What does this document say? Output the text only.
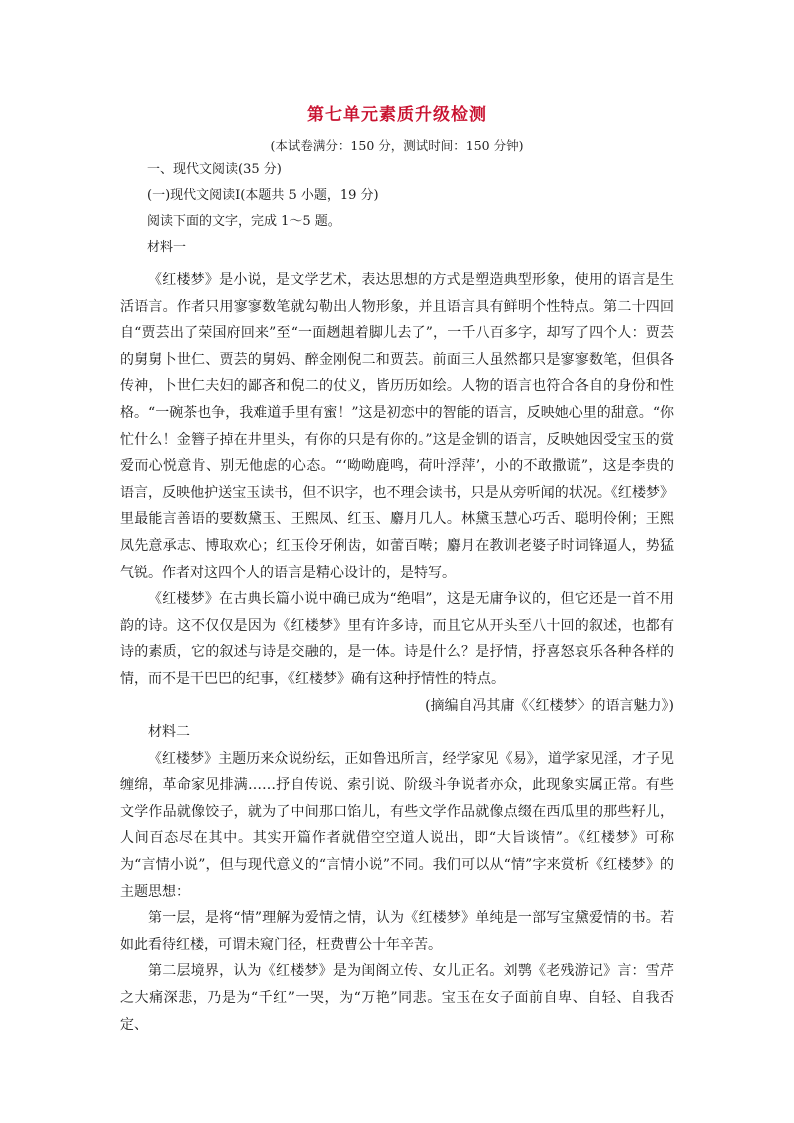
第七单元素质升级检测
(本试卷满分：150 分，测试时间：150 分钟)
一、现代文阅读(35 分)
(一)现代文阅读Ⅰ(本题共 5 小题，19 分)
阅读下面的文字，完成 1～5 题。
材料一

《红楼梦》是小说，是文学艺术，表达思想的方式是塑造典型形象，使用的语言是生活语言。作者只用寥寥数笔就勾勒出人物形象，并且语言具有鲜明个性特点。第二十四回自“贾芸出了荣国府回来”至“一面趔趄着脚儿去了”，一千八百多字，却写了四个人：贾芸的舅舅卜世仁、贾芸的舅妈、醉金刚倪二和贾芸。前面三人虽然都只是寥寥数笔，但俱各传神，卜世仁夫妇的鄙吝和倪二的仗义，皆历历如绘。人物的语言也符合各自的身份和性格。“一碗茶也争，我难道手里有蜜！”这是初恋中的智能的语言，反映她心里的甜意。“你忙什么！金簪子掉在井里头，有你的只是有你的。”这是金钏的语言，反映她因受宝玉的赏爱而心悦意肯、别无他虑的心态。“‘呦呦鹿鸣，荷叶浮萍’，小的不敢撒谎”，这是李贵的语言，反映他护送宝玉读书，但不识字，也不理会读书，只是从旁听闻的状况。《红楼梦》里最能言善语的要数黛玉、王熙凤、红玉、麝月几人。林黛玉慧心巧舌、聪明伶俐；王熙凤先意承志、博取欢心；红玉伶牙俐齿，如蕾百啭；麝月在教训老婆子时词锋逼人，势猛气锐。作者对这四个人的语言是精心设计的，是特写。

《红楼梦》在古典长篇小说中确已成为“绝唱”，这是无庸争议的，但它还是一首不用韵的诗。这不仅仅是因为《红楼梦》里有许多诗，而且它从开头至八十回的叙述，也都有诗的素质，它的叙述与诗是交融的，是一体。诗是什么？是抒情，抒喜怒哀乐各种各样的情，而不是干巴巴的纪事，《红楼梦》确有这种抒情性的特点。

(摘编自冯其庸《〈红楼梦〉的语言魅力》)

材料二

《红楼梦》主题历来众说纷纭，正如鲁迅所言，经学家见《易》，道学家见淫，才子见缠绵，革命家见排满……抒自传说、索引说、阶级斗争说者亦众，此现象实属正常。有些文学作品就像饺子，就为了中间那口馅儿，有些文学作品就像点缀在西瓜里的那些籽儿，人间百态尽在其中。其实开篇作者就借空空道人说出，即“大旨谈情”。《红楼梦》可称为“言情小说”，但与现代意义的“言情小说”不同。我们可以从“情”字来赏析《红楼梦》的主题思想：

第一层，是将“情”理解为爱情之情，认为《红楼梦》单纯是一部写宝黛爱情的书。若如此看待红楼，可谓未窥门径，枉费曹公十年辛苦。

第二层境界，认为《红楼梦》是为闺阁立传、女儿正名。刘鹗《老残游记》言：雪芹之大痛深悲，乃是为“千红”一哭，为“万艳”同悲。宝玉在女子面前自卑、自轻、自我否定、
